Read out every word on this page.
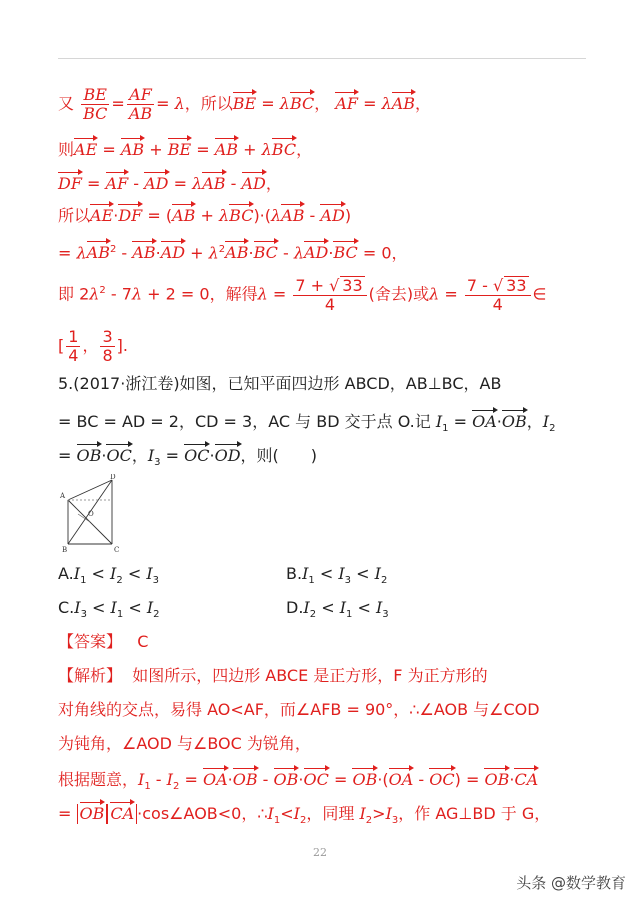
又 $\frac{BE}{BC} = \frac{AF}{AB} = \lambda$，所以BE = λBC， AF = λAB，
则AE = AB + BE = AB + λBC，
DF = AF - AD = λAB - AD，
所以AE·DF = (AB + λBC)·(λAB - AD)
= $\lambda AB^2 - AB\cdot AD + \lambda^2AB\cdot BC - \lambda AD\cdot BC = 0$，
即 $2\lambda^2 - 7\lambda + 2 = 0$，解得$\lambda = \frac{7 + √ 33}{4}$ (舍去)或$\lambda = \frac{7 - √ 33}{4}$ ∈
[ $\frac{1}{4}$ ， $\frac{3}{8}$ ].
5.(2017·浙江卷)如图，已知平面四边形 ABCD，AB⊥BC，AB
= BC = AD = 2，CD = 3，AC 与 BD 交于点 O.记 $I_1 = OA\cdot OB$，$I_2$
= OB·OC，$I_3 = OC\cdot OD$，则(　　)
A
B	C
D
O
$A.I_1 < I_2 < I_3$	$B.I_1 < I_3 < I_2$
$C.I_3 < I_1 < I_2$	$D.I_2 < I_1 < I_3$
【答案】 C
【解析】 如图所示，四边形 ABCE 是正方形，F 为正方形的
对角线的交点，易得 AO<AF，而∠AFB = 90°，∴∠AOB 与∠COD
为钝角，∠AOD 与∠BOC 为锐角，
根据题意，$I_1 - I_2 = OA\cdot OB - OB\cdot OC = OB\cdot(OA - OC) = OB\cdot CA$
= OB CA ·cos∠AOB<0，$\therefore I_1<I_2$，同理 $I_2>I_3$，作 AG⊥BD 于 G，
22
头条 @数学教育
